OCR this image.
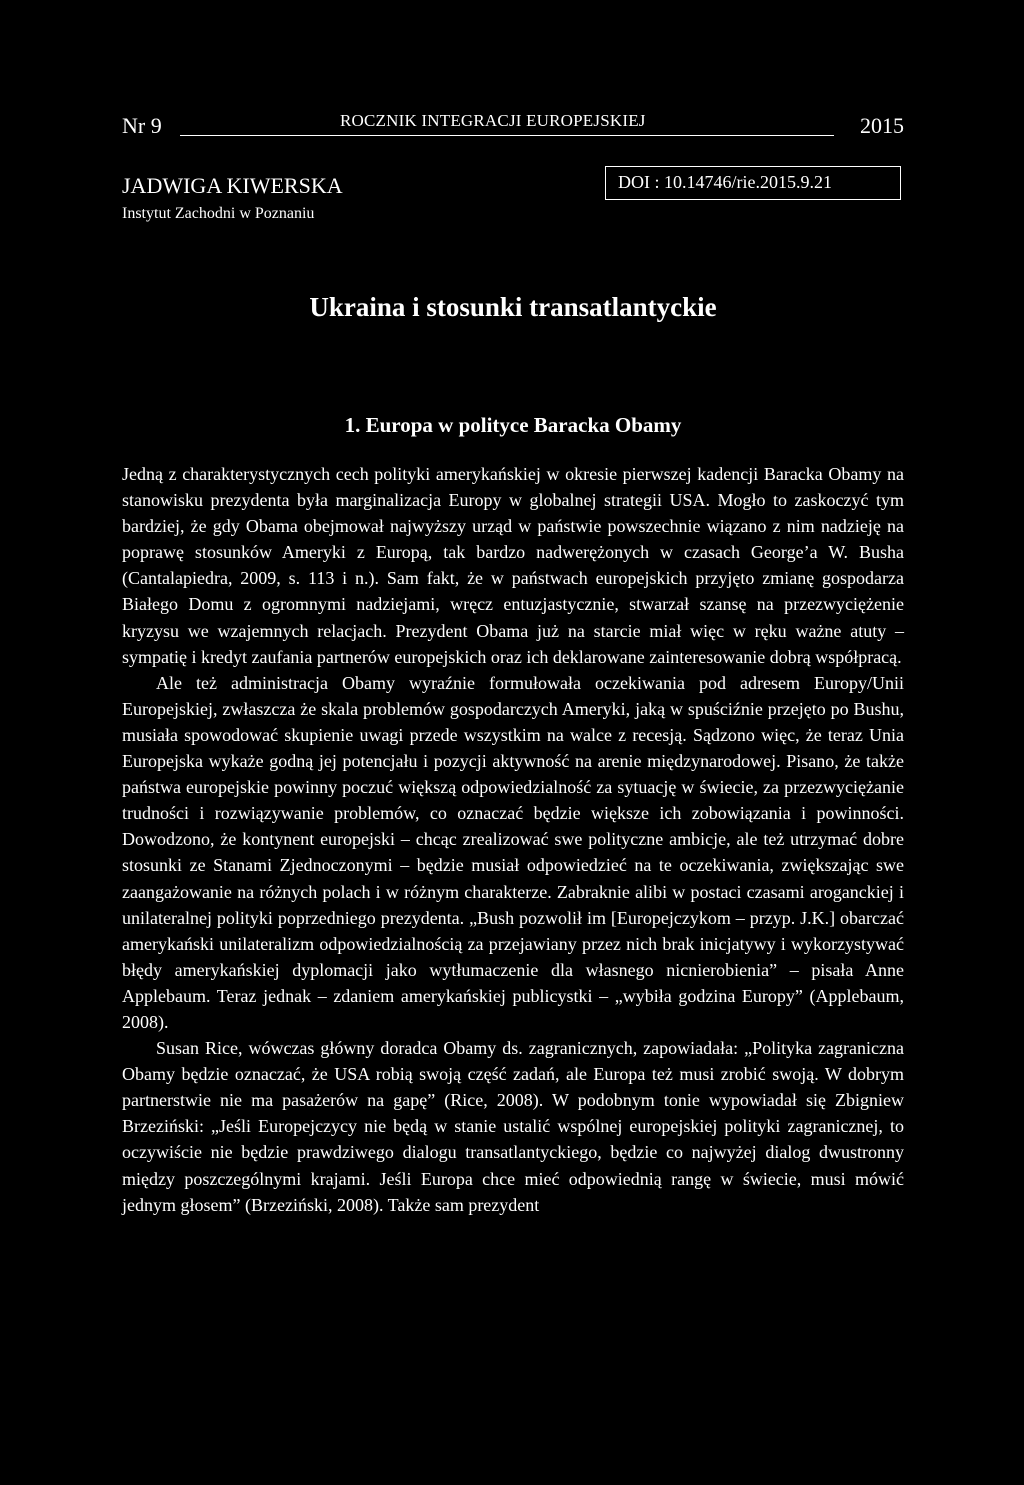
Nr 9	ROCZNIK INTEGRACJI EUROPEJSKIEJ	2015
JADWIGA KIWERSKA
Instytut Zachodni w Poznaniu
DOI : 10.14746/rie.2015.9.21
Ukraina i stosunki transatlantyckie
1. Europa w polityce Baracka Obamy

Jedną z charakterystycznych cech polityki amerykańskiej w okresie pierwszej kadencji Baracka Obamy na stanowisku prezydenta była marginalizacja Europy w globalnej strategii USA. Mogło to zaskoczyć tym bardziej, że gdy Obama obejmował najwyższy urząd w państwie powszechnie wiązano z nim nadzieję na poprawę stosunków Ameryki z Europą, tak bardzo nadwerężonych w czasach George’a W. Busha (Cantalapiedra, 2009, s. 113 i n.). Sam fakt, że w państwach europejskich przyjęto zmianę gospodarza Białego Domu z ogromnymi nadziejami, wręcz entuzjastycznie, stwarzał szansę na przezwyciężenie kryzysu we wzajemnych relacjach. Prezydent Obama już na starcie miał więc w ręku ważne atuty – sympatię i kredyt zaufania partnerów europejskich oraz ich deklarowane zainteresowanie dobrą współpracą.

Ale też administracja Obamy wyraźnie formułowała oczekiwania pod adresem Europy/Unii Europejskiej, zwłaszcza że skala problemów gospodarczych Ameryki, jaką w spuściźnie przejęto po Bushu, musiała spowodować skupienie uwagi przede wszystkim na walce z recesją. Sądzono więc, że teraz Unia Europejska wykaże godną jej potencjału i pozycji aktywność na arenie międzynarodowej. Pisano, że także państwa europejskie powinny poczuć większą odpowiedzialność za sytuację w świecie, za przezwyciężanie trudności i rozwiązywanie problemów, co oznaczać będzie większe ich zobowiązania i powinności. Dowodzono, że kontynent europejski – chcąc zrealizować swe polityczne ambicje, ale też utrzymać dobre stosunki ze Stanami Zjednoczonymi – będzie musiał odpowiedzieć na te oczekiwania, zwiększając swe zaangażowanie na różnych polach i w różnym charakterze. Zabraknie alibi w postaci czasami aroganckiej i unilateralnej polityki poprzedniego prezydenta. „Bush pozwolił im [Europejczykom – przyp. J.K.] obarczać amerykański unilateralizm odpowiedzialnością za przejawiany przez nich brak inicjatywy i wykorzystywać błędy amerykańskiej dyplomacji jako wytłumaczenie dla własnego nicnierobienia” – pisała Anne Applebaum. Teraz jednak – zdaniem amerykańskiej publicystki – „wybiła godzina Europy” (Applebaum, 2008).

Susan Rice, wówczas główny doradca Obamy ds. zagranicznych, zapowiadała: „Polityka zagraniczna Obamy będzie oznaczać, że USA robią swoją część zadań, ale Europa też musi zrobić swoją. W dobrym partnerstwie nie ma pasażerów na gapę” (Rice, 2008). W podobnym tonie wypowiadał się Zbigniew Brzeziński: „Jeśli Europejczycy nie będą w stanie ustalić wspólnej europejskiej polityki zagranicznej, to oczywiście nie będzie prawdziwego dialogu transatlantyckiego, będzie co najwyżej dialog dwustronny między poszczególnymi krajami. Jeśli Europa chce mieć odpowiednią rangę w świecie, musi mówić jednym głosem” (Brzeziński, 2008). Także sam prezydent
